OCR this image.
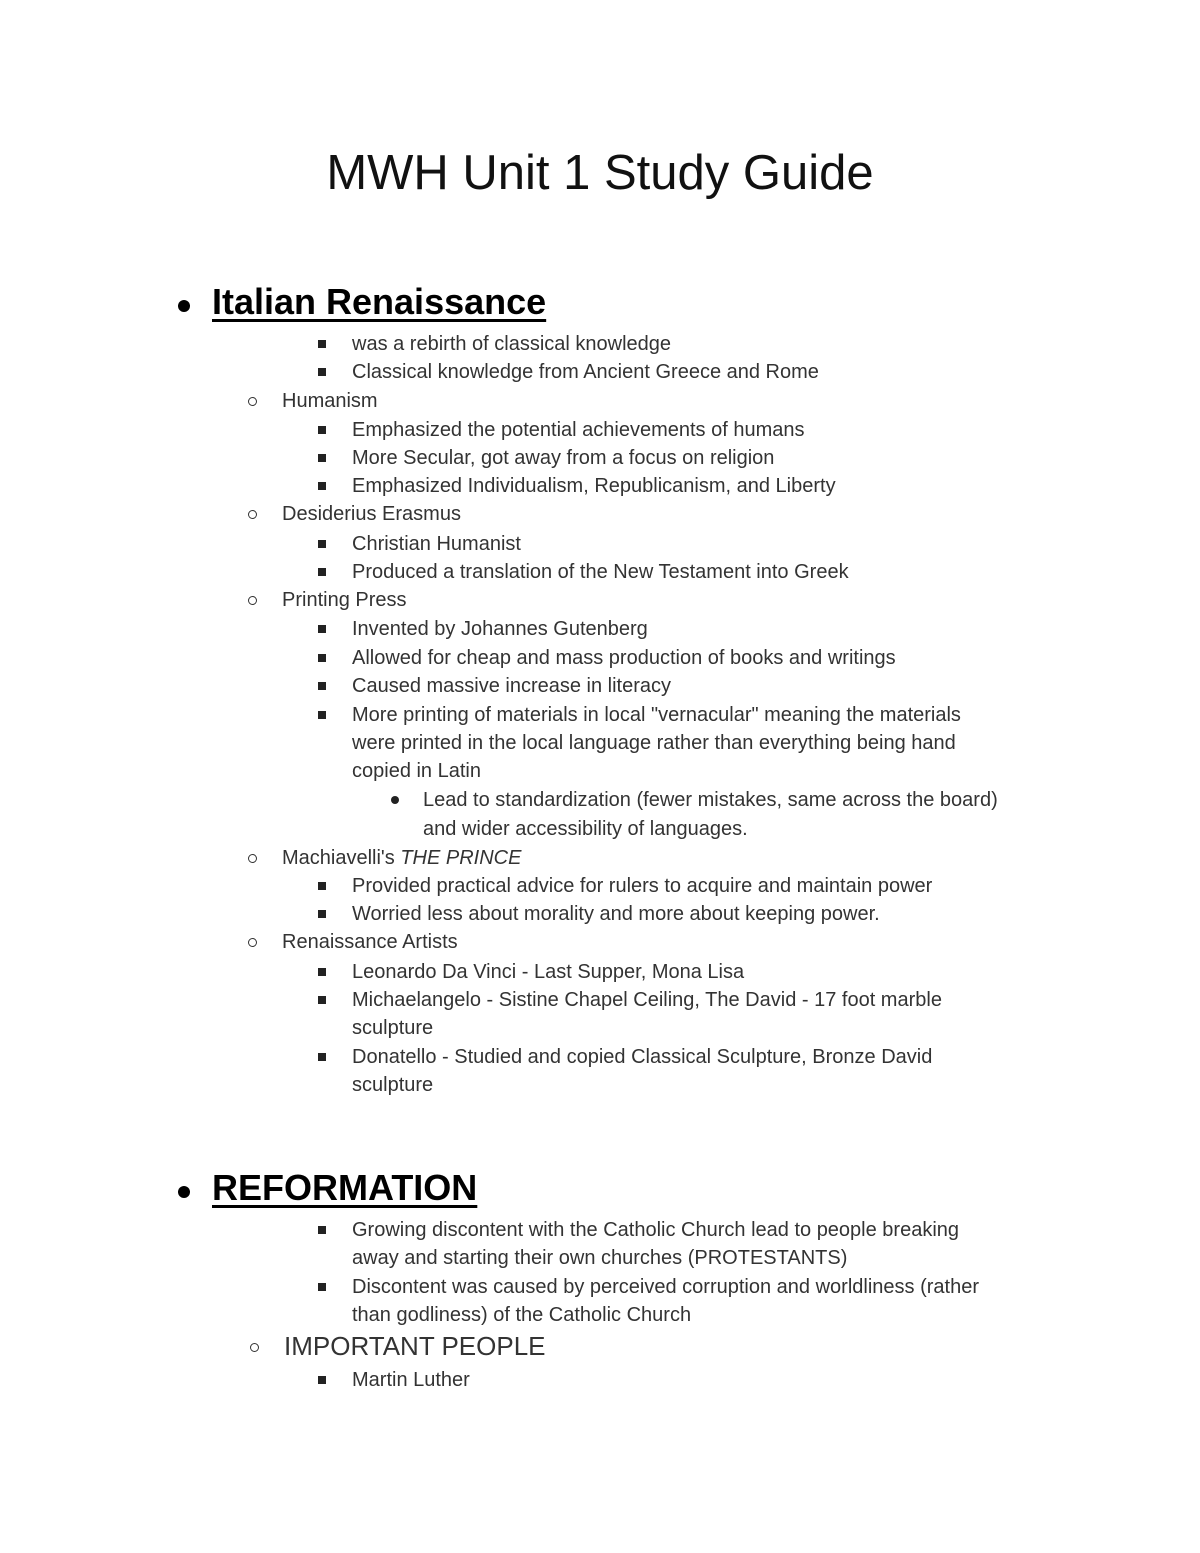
MWH Unit 1 Study Guide
Italian Renaissance
was a rebirth of classical knowledge
Classical knowledge from Ancient Greece and Rome
Humanism
Emphasized the potential achievements of humans
More Secular, got away from a focus on religion
Emphasized Individualism, Republicanism, and Liberty
Desiderius Erasmus
Christian Humanist
Produced a translation of the New Testament into Greek
Printing Press
Invented by Johannes Gutenberg
Allowed for cheap and mass production of books and writings
Caused massive increase in literacy
More printing of materials in local "vernacular" meaning the materials
were printed in the local language rather than everything being hand
copied in Latin
Lead to standardization (fewer mistakes, same across the board)
and wider accessibility of languages.
Machiavelli's THE PRINCE
Provided practical advice for rulers to acquire and maintain power
Worried less about morality and more about keeping power.
Renaissance Artists
Leonardo Da Vinci - Last Supper, Mona Lisa
Michaelangelo - Sistine Chapel Ceiling, The David - 17 foot marble
sculpture
Donatello - Studied and copied Classical Sculpture, Bronze David
sculpture
REFORMATION
Growing discontent with the Catholic Church lead to people breaking
away and starting their own churches (PROTESTANTS)
Discontent was caused by perceived corruption and worldliness (rather
than godliness) of the Catholic Church
IMPORTANT PEOPLE
Martin Luther
